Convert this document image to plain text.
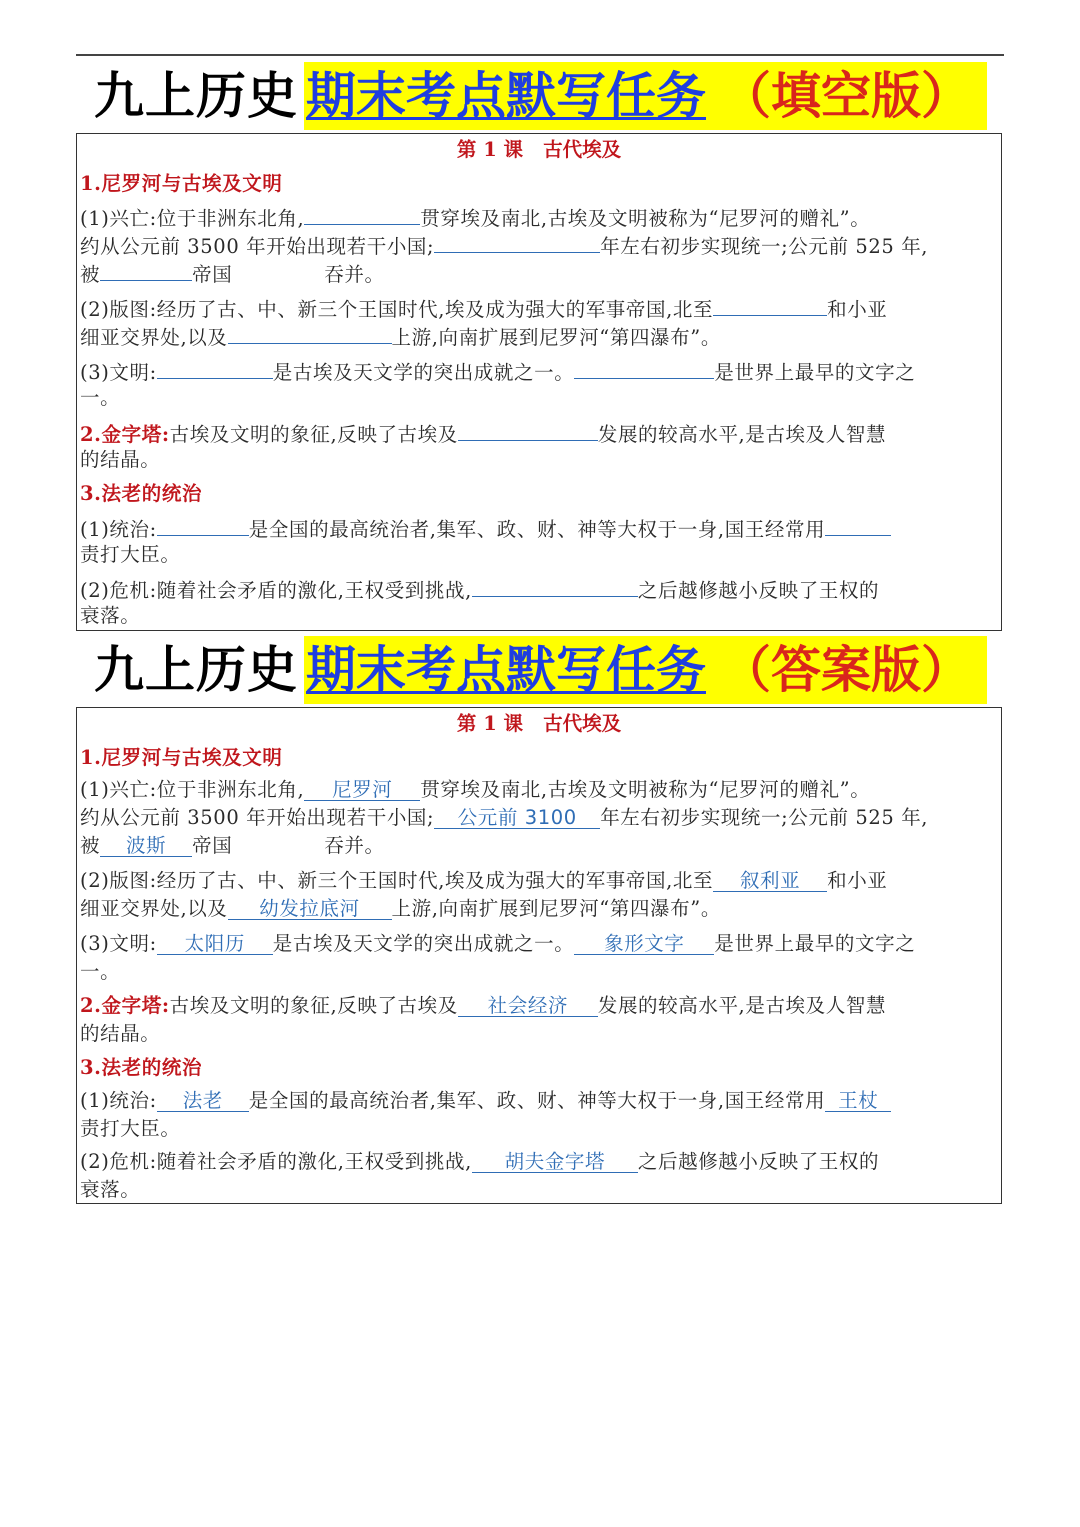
九上历史 期末考点默写任务 （填空版）
第 1 课 古代埃及
1.尼罗河与古埃及文明
(1)兴亡:位于非洲东北角,	贯穿埃及南北,古埃及文明被称为“尼罗河的赠礼”。
约从公元前 3500 年开始出现若干小国;	年左右初步实现统一;公元前 525 年,
被	帝国	吞并。
(2)版图:经历了古、中、新三个王国时代,埃及成为强大的军事帝国,北至	和小亚
细亚交界处,以及	上游,向南扩展到尼罗河“第四瀑布”。
(3)文明:	是古埃及天文学的突出成就之一。	是世界上最早的文字之
一。
2.金字塔:古埃及文明的象征,反映了古埃及	发展的较高水平,是古埃及人智慧
的结晶。
3.法老的统治
(1)统治:	是全国的最高统治者,集军、政、财、神等大权于一身,国王经常用
责打大臣。
(2)危机:随着社会矛盾的激化,王权受到挑战,	之后越修越小反映了王权的
衰落。
九上历史 期末考点默写任务 （答案版）
第 1 课 古代埃及
1.尼罗河与古埃及文明
(1)兴亡:位于非洲东北角, 尼罗河 贯穿埃及南北,古埃及文明被称为“尼罗河的赠礼”。
约从公元前 3500 年开始出现若干小国; 公元前 3100 年左右初步实现统一;公元前 525 年,
被 波斯 帝国	吞并。
(2)版图:经历了古、中、新三个王国时代,埃及成为强大的军事帝国,北至 叙利亚 和小亚
细亚交界处,以及 幼发拉底河 上游,向南扩展到尼罗河“第四瀑布”。
(3)文明: 太阳历 是古埃及天文学的突出成就之一。 象形文字 是世界上最早的文字之
一。
2.金字塔:古埃及文明的象征,反映了古埃及 社会经济 发展的较高水平,是古埃及人智慧
的结晶。
3.法老的统治
(1)统治: 法老 是全国的最高统治者,集军、政、财、神等大权于一身,国王经常用 王杖
责打大臣。
(2)危机:随着社会矛盾的激化,王权受到挑战, 胡夫金字塔 之后越修越小反映了王权的
衰落。
